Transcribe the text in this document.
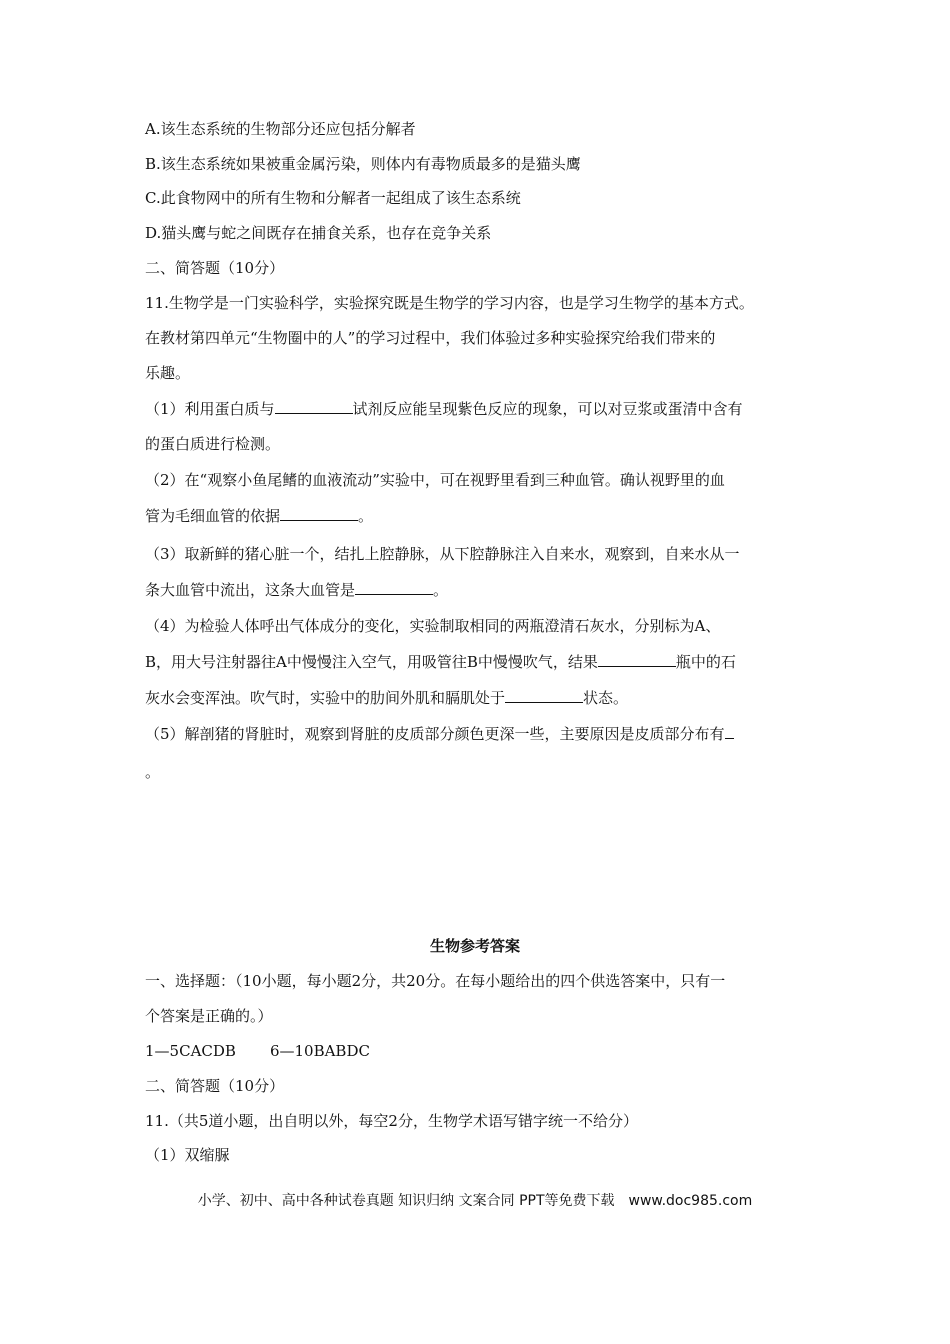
A.该生态系统的生物部分还应包括分解者
B.该生态系统如果被重金属污染，则体内有毒物质最多的是猫头鹰
C.此食物网中的所有生物和分解者一起组成了该生态系统
D.猫头鹰与蛇之间既存在捕食关系，也存在竞争关系
二、简答题（10分）
11.生物学是一门实验科学，实验探究既是生物学的学习内容，也是学习生物学的基本方式。
在教材第四单元“生物圈中的人”的学习过程中，我们体验过多种实验探究给我们带来的
乐趣。
（1）利用蛋白质与	试剂反应能呈现紫色反应的现象，可以对豆浆或蛋清中含有
的蛋白质进行检测。
（2）在“观察小鱼尾鳍的血液流动”实验中，可在视野里看到三种血管。确认视野里的血
管为毛细血管的依据	。
（3）取新鲜的猪心脏一个，结扎上腔静脉，从下腔静脉注入自来水，观察到，自来水从一
条大血管中流出，这条大血管是	。
（4）为检验人体呼出气体成分的变化，实验制取相同的两瓶澄清石灰水，分别标为A、
B，用大号注射器往A中慢慢注入空气，用吸管往B中慢慢吹气，结果	瓶中的石
灰水会变浑浊。吹气时，实验中的肋间外肌和膈肌处于	状态。
（5）解剖猪的肾脏时，观察到肾脏的皮质部分颜色更深一些，主要原因是皮质部分布有
。
生物参考答案
一、选择题：（10小题，每小题2分，共20分。在每小题给出的四个供选答案中，只有一
个答案是正确的。）
1—5CACDB 6—10BABDC
二、简答题（10分）
11.（共5道小题，出自明以外，每空2分，生物学术语写错字统一不给分）
（1）双缩脲
小学、初中、高中各种试卷真题 知识归纳 文案合同 PPT等免费下载　www.doc985.com
